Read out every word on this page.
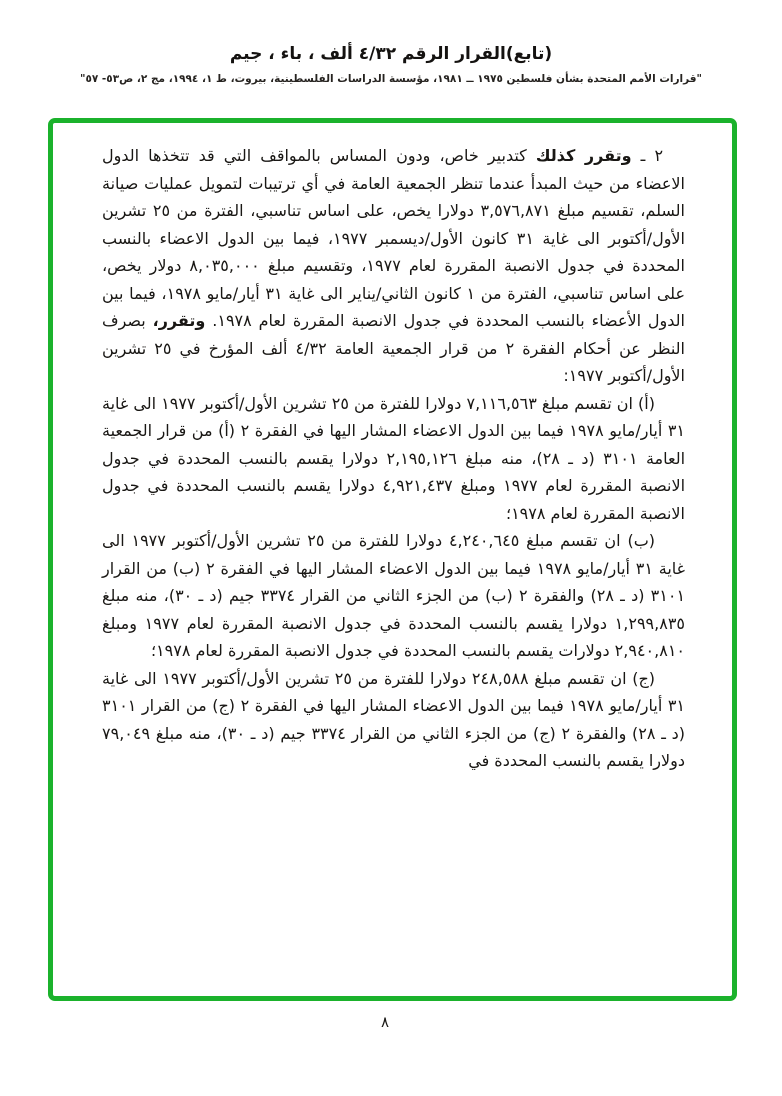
(تابع)القرار الرقم ٤/٣٢ ألف ، باء ، جيم
"قرارات الأمم المتحدة بشأن فلسطين ١٩٧٥ ــ ١٩٨١، مؤسسة الدراسات الفلسطينية، بيروت، ط ١، ١٩٩٤، مج ٢، ص٥٣- ٥٧"

٢ ـ وتقرر كذلك كتدبير خاص، ودون المساس بالمواقف التي قد تتخذها الدول الاعضاء من حيث المبدأ عندما تنظر الجمعية العامة في أي ترتيبات لتمويل عمليات صيانة السلم، تقسيم مبلغ ٣,٥٧٦,٨٧١ دولارا يخص، على اساس تناسبي، الفترة من ٢٥ تشرين الأول/أكتوبر الى غاية ٣١ كانون الأول/ديسمبر ١٩٧٧، فيما بين الدول الاعضاء بالنسب المحددة في جدول الانصبة المقررة لعام ١٩٧٧، وتقسيم مبلغ ٨,٠٣٥,٠٠٠ دولار يخص، على اساس تناسبي، الفترة من ١ كانون الثاني/يناير الى غاية ٣١ أيار/مايو ١٩٧٨، فيما بين الدول الأعضاء بالنسب المحددة في جدول الانصبة المقررة لعام ١٩٧٨. وتقرر، بصرف النظر عن أحكام الفقرة ٢ من قرار الجمعية العامة ٤/٣٢ ألف المؤرخ في ٢٥ تشرين الأول/أكتوبر ١٩٧٧:

(أ) ان تقسم مبلغ ٧,١١٦,٥٦٣ دولارا للفترة من ٢٥ تشرين الأول/أكتوبر ١٩٧٧ الى غاية ٣١ أيار/مايو ١٩٧٨ فيما بين الدول الاعضاء المشار اليها في الفقرة ٢ (أ) من قرار الجمعية العامة ٣١٠١ (د ـ ٢٨)، منه مبلغ ٢,١٩٥,١٢٦ دولارا يقسم بالنسب المحددة في جدول الانصبة المقررة لعام ١٩٧٧ ومبلغ ٤,٩٢١,٤٣٧ دولارا يقسم بالنسب المحددة في جدول الانصبة المقررة لعام ١٩٧٨؛

(ب) ان تقسم مبلغ ٤,٢٤٠,٦٤٥ دولارا للفترة من ٢٥ تشرين الأول/أكتوبر ١٩٧٧ الى غاية ٣١ أيار/مايو ١٩٧٨ فيما بين الدول الاعضاء المشار اليها في الفقرة ٢ (ب) من القرار ٣١٠١ (د ـ ٢٨) والفقرة ٢ (ب) من الجزء الثاني من القرار ٣٣٧٤ جيم (د ـ ٣٠)، منه مبلغ ١,٢٩٩,٨٣٥ دولارا يقسم بالنسب المحددة في جدول الانصبة المقررة لعام ١٩٧٧ ومبلغ ٢,٩٤٠,٨١٠ دولارات يقسم بالنسب المحددة في جدول الانصبة المقررة لعام ١٩٧٨؛

(ج) ان تقسم مبلغ ٢٤٨,٥٨٨ دولارا للفترة من ٢٥ تشرين الأول/أكتوبر ١٩٧٧ الى غاية ٣١ أيار/مايو ١٩٧٨ فيما بين الدول الاعضاء المشار اليها في الفقرة ٢ (ج) من القرار ٣١٠١ (د ـ ٢٨) والفقرة ٢ (ج) من الجزء الثاني من القرار ٣٣٧٤ جيم (د ـ ٣٠)، منه مبلغ ٧٩,٠٤٩ دولارا يقسم بالنسب المحددة في

٨
